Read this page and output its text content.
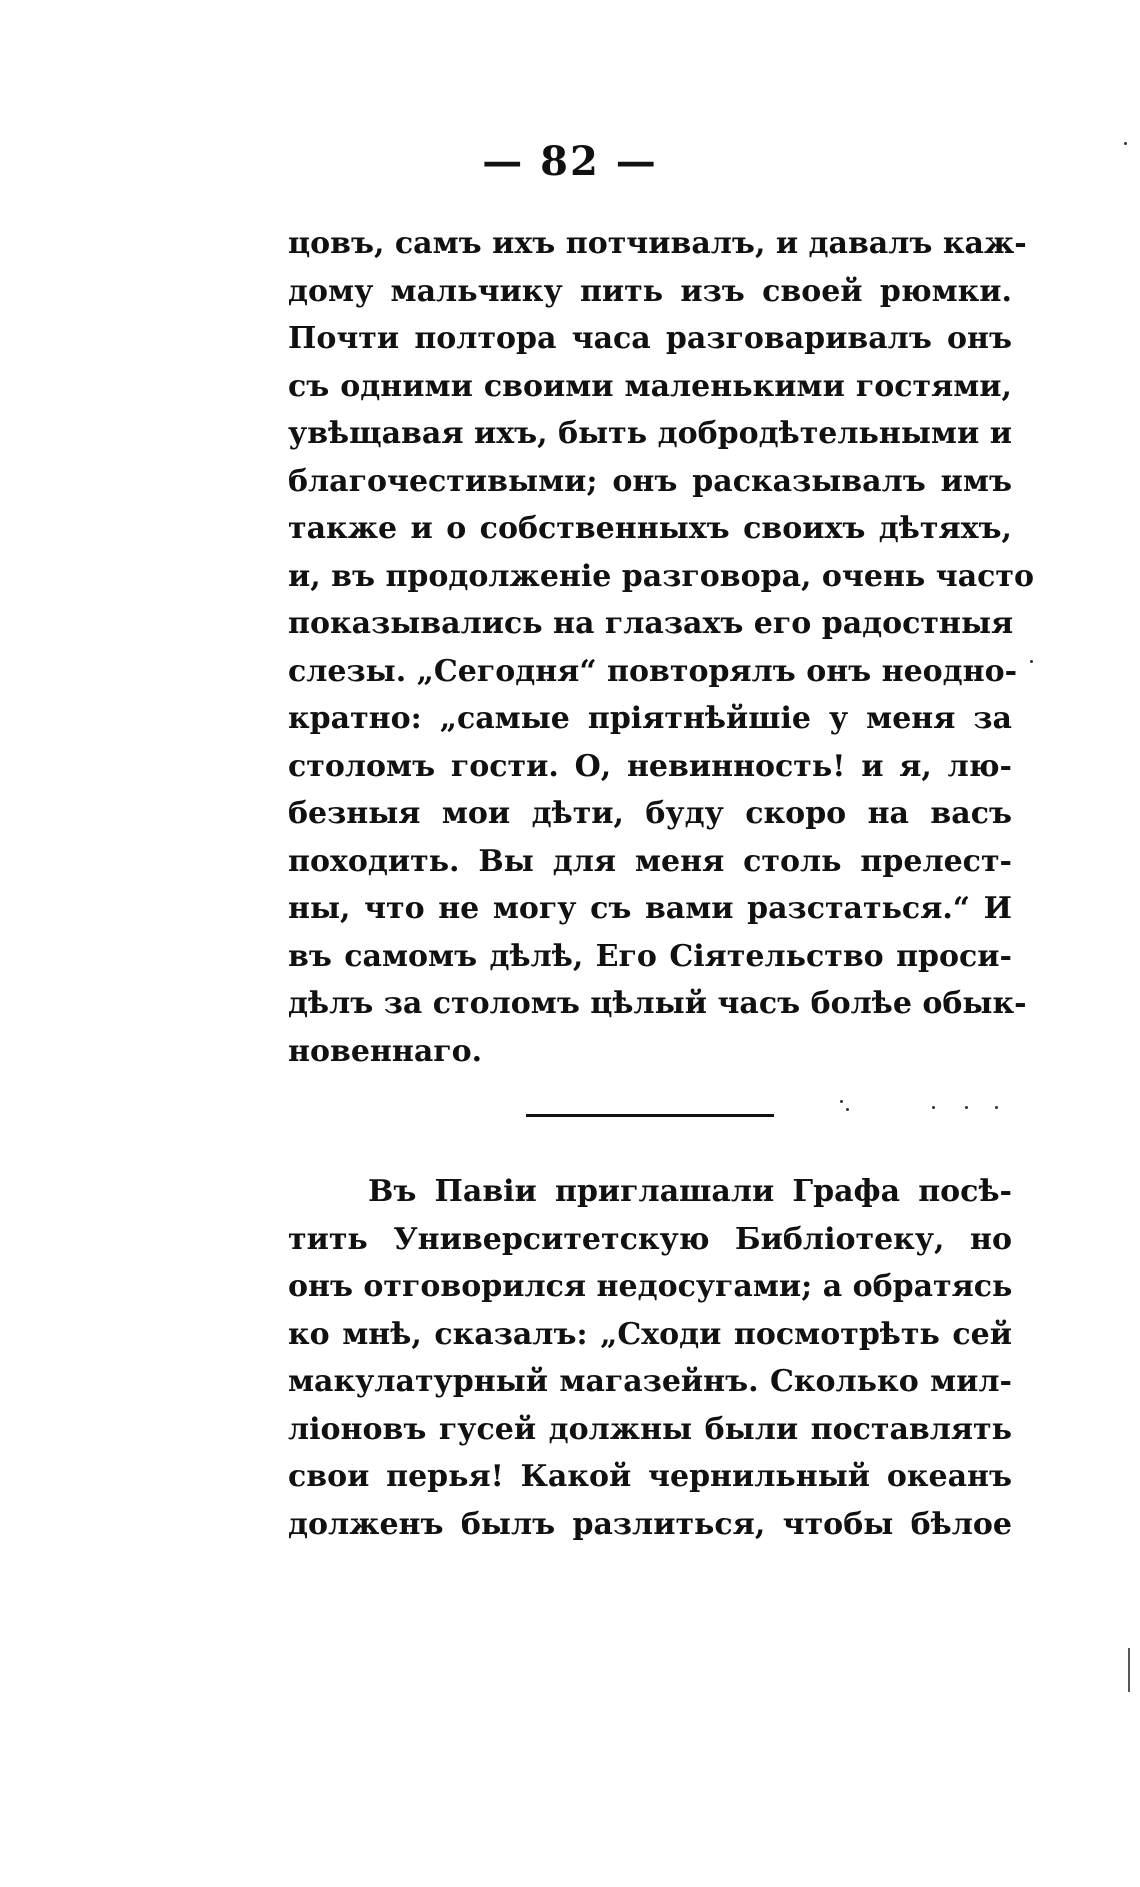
— 82 —
цовъ, самъ ихъ потчивалъ, и давалъ каж-
дому мальчику пить изъ своей рюмки.
Почти полтора часа разговаривалъ онъ
съ одними своими маленькими гостями,
увѣщавая ихъ, быть добродѣтельными и
благочестивыми; онъ расказывалъ имъ
также и о собственныхъ своихъ дѣтяхъ,
и, въ продолженіе разговора, очень часто
показывались на глазахъ его радостныя
слезы. „Сегодня“ повторялъ онъ неодно-
кратно: „самые пріятнѣйшіе у меня за
столомъ гости. О, невинность! и я, лю-
безныя мои дѣти, буду скоро на васъ
походить. Вы для меня столь прелест-
ны, что не могу съ вами разстаться.“ И
въ самомъ дѣлѣ, Его Сіятельство проси-
дѣлъ за столомъ цѣлый часъ болѣе обык-
новеннаго.
Въ Павіи приглашали Графа посѣ-
тить Университетскую Библіотеку, но
онъ отговорился недосугами; а обратясь
ко мнѣ, сказалъ: „Сходи посмотрѣть сей
макулатурный магазейнъ. Сколько мил-
ліоновъ гусей должны были поставлять
свои перья! Какой чернильный океанъ
долженъ былъ разлиться, чтобы бѣлое
